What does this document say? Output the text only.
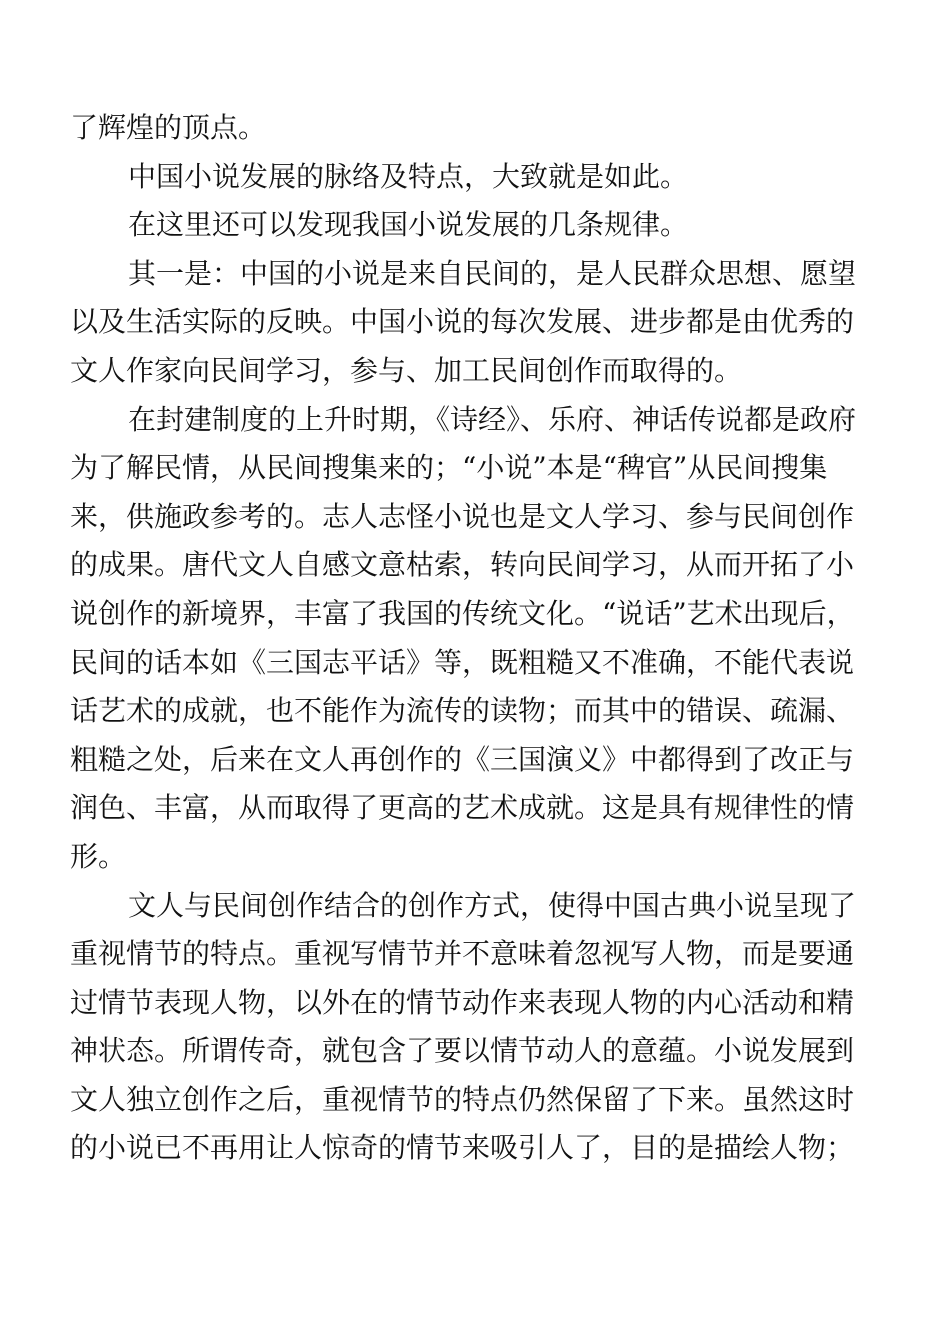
了辉煌的顶点。
中国小说发展的脉络及特点，大致就是如此。
在这里还可以发现我国小说发展的几条规律。
其一是：中国的小说是来自民间的，是人民群众思想、愿望
以及生活实际的反映。中国小说的每次发展、进步都是由优秀的
文人作家向民间学习，参与、加工民间创作而取得的。
在封建制度的上升时期，《诗经》、乐府、神话传说都是政府
为了解民情，从民间搜集来的；“小说”本是“稗官”从民间搜集
来，供施政参考的。志人志怪小说也是文人学习、参与民间创作
的成果。唐代文人自感文意枯索，转向民间学习，从而开拓了小
说创作的新境界，丰富了我国的传统文化。“说话”艺术出现后，
民间的话本如《三国志平话》等，既粗糙又不准确，不能代表说
话艺术的成就，也不能作为流传的读物；而其中的错误、疏漏、
粗糙之处，后来在文人再创作的《三国演义》中都得到了改正与
润色、丰富，从而取得了更高的艺术成就。这是具有规律性的情
形。
文人与民间创作结合的创作方式，使得中国古典小说呈现了
重视情节的特点。重视写情节并不意味着忽视写人物，而是要通
过情节表现人物，以外在的情节动作来表现人物的内心活动和精
神状态。所谓传奇，就包含了要以情节动人的意蕴。小说发展到
文人独立创作之后，重视情节的特点仍然保留了下来。虽然这时
的小说已不再用让人惊奇的情节来吸引人了，目的是描绘人物；
